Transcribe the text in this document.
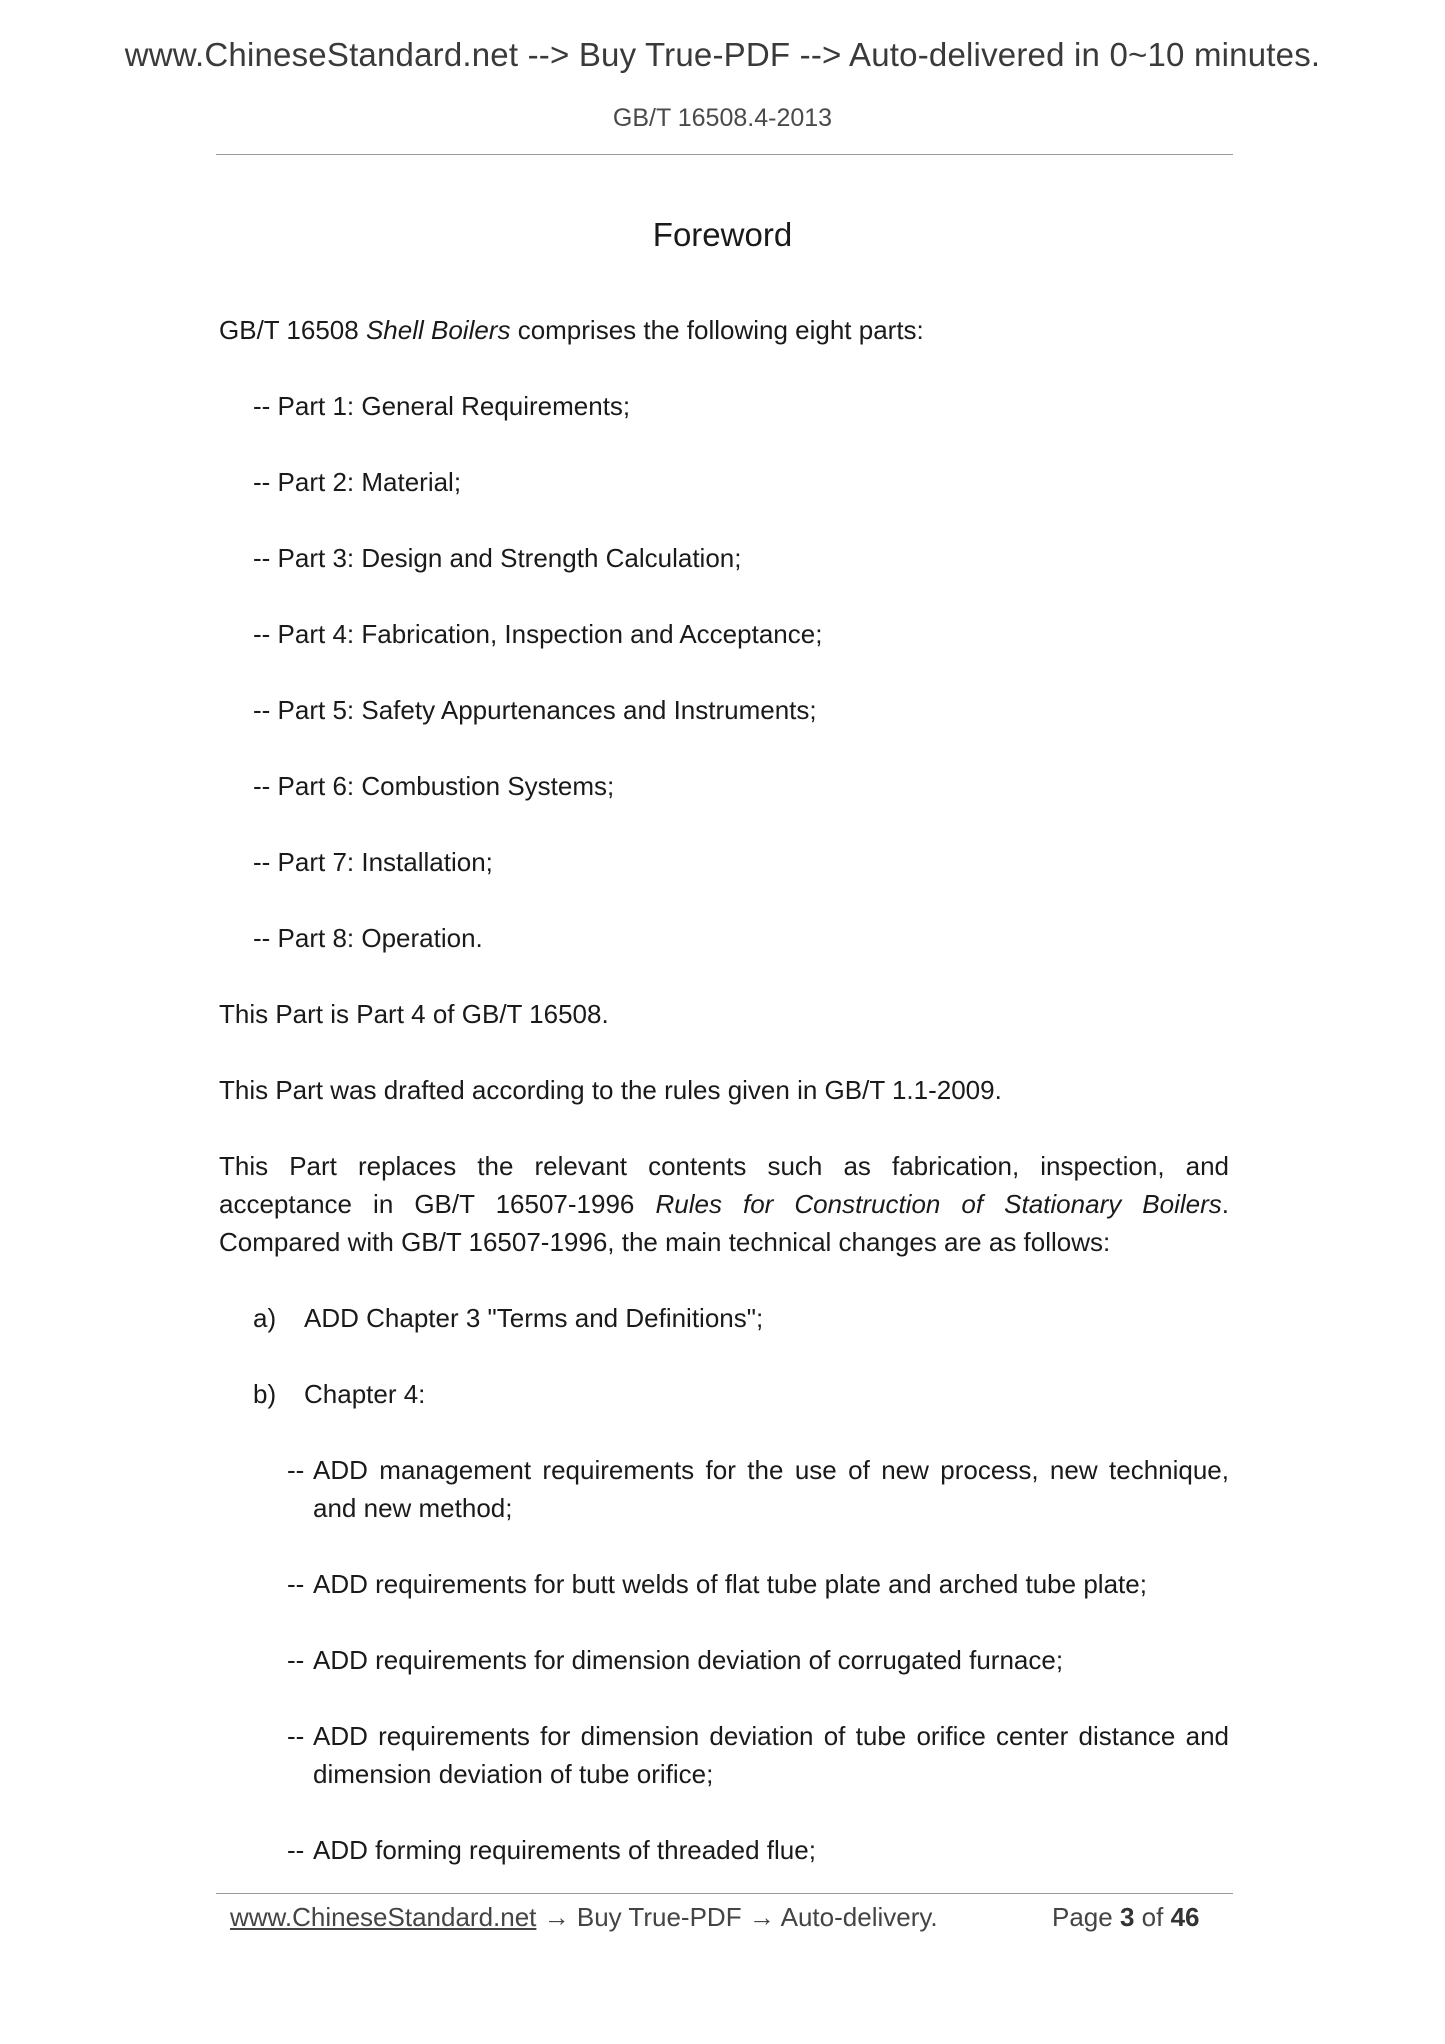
www.ChineseStandard.net --> Buy True-PDF --> Auto-delivered in 0~10 minutes.
GB/T 16508.4-2013
Foreword
GB/T 16508 Shell Boilers comprises the following eight parts:
-- Part 1: General Requirements;
-- Part 2: Material;
-- Part 3: Design and Strength Calculation;
-- Part 4: Fabrication, Inspection and Acceptance;
-- Part 5: Safety Appurtenances and Instruments;
-- Part 6: Combustion Systems;
-- Part 7: Installation;
-- Part 8: Operation.
This Part is Part 4 of GB/T 16508.
This Part was drafted according to the rules given in GB/T 1.1-2009.
This Part replaces the relevant contents such as fabrication, inspection, and
acceptance in GB/T 16507-1996 Rules for Construction of Stationary Boilers.
Compared with GB/T 16507-1996, the main technical changes are as follows:
a) ADD Chapter 3 "Terms and Definitions";
b) Chapter 4:
-- ADD management requirements for the use of new process, new technique,
and new method;
-- ADD requirements for butt welds of flat tube plate and arched tube plate;
-- ADD requirements for dimension deviation of corrugated furnace;
-- ADD requirements for dimension deviation of tube orifice center distance and
dimension deviation of tube orifice;
-- ADD forming requirements of threaded flue;
www.ChineseStandard.net → Buy True-PDF → Auto-delivery.	Page 3 of 46
